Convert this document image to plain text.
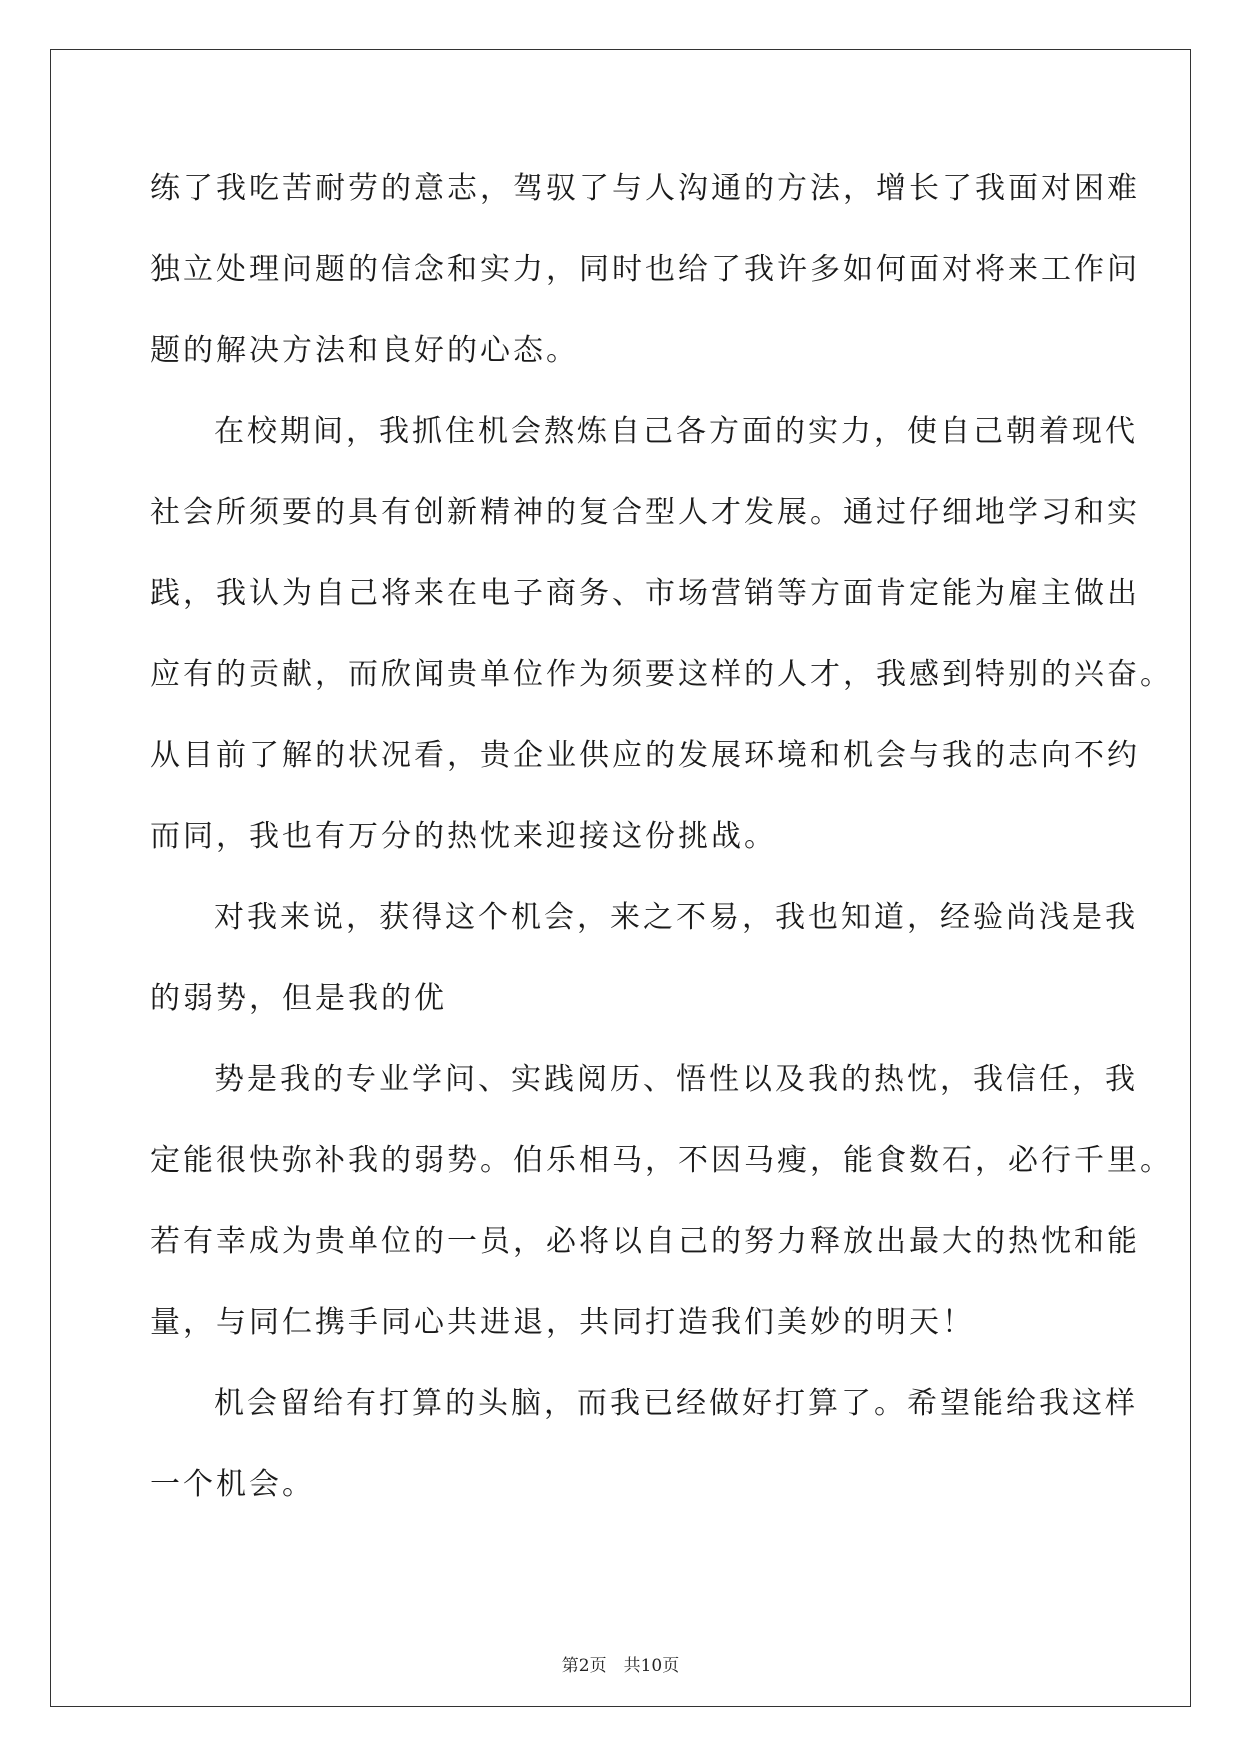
练了我吃苦耐劳的意志，驾驭了与人沟通的方法，增长了我面对困难
独立处理问题的信念和实力，同时也给了我许多如何面对将来工作问
题的解决方法和良好的心态。
在校期间，我抓住机会熬炼自己各方面的实力，使自己朝着现代
社会所须要的具有创新精神的复合型人才发展。通过仔细地学习和实
践，我认为自己将来在电子商务、市场营销等方面肯定能为雇主做出
应有的贡献，而欣闻贵单位作为须要这样的人才，我感到特别的兴奋。
从目前了解的状况看，贵企业供应的发展环境和机会与我的志向不约
而同，我也有万分的热忱来迎接这份挑战。
对我来说，获得这个机会，来之不易，我也知道，经验尚浅是我
的弱势，但是我的优
势是我的专业学问、实践阅历、悟性以及我的热忱，我信任，我
定能很快弥补我的弱势。伯乐相马，不因马瘦，能食数石，必行千里。
若有幸成为贵单位的一员，必将以自己的努力释放出最大的热忱和能
量，与同仁携手同心共进退，共同打造我们美妙的明天！
机会留给有打算的头脑，而我已经做好打算了。希望能给我这样
一个机会。
第2页　共10页
